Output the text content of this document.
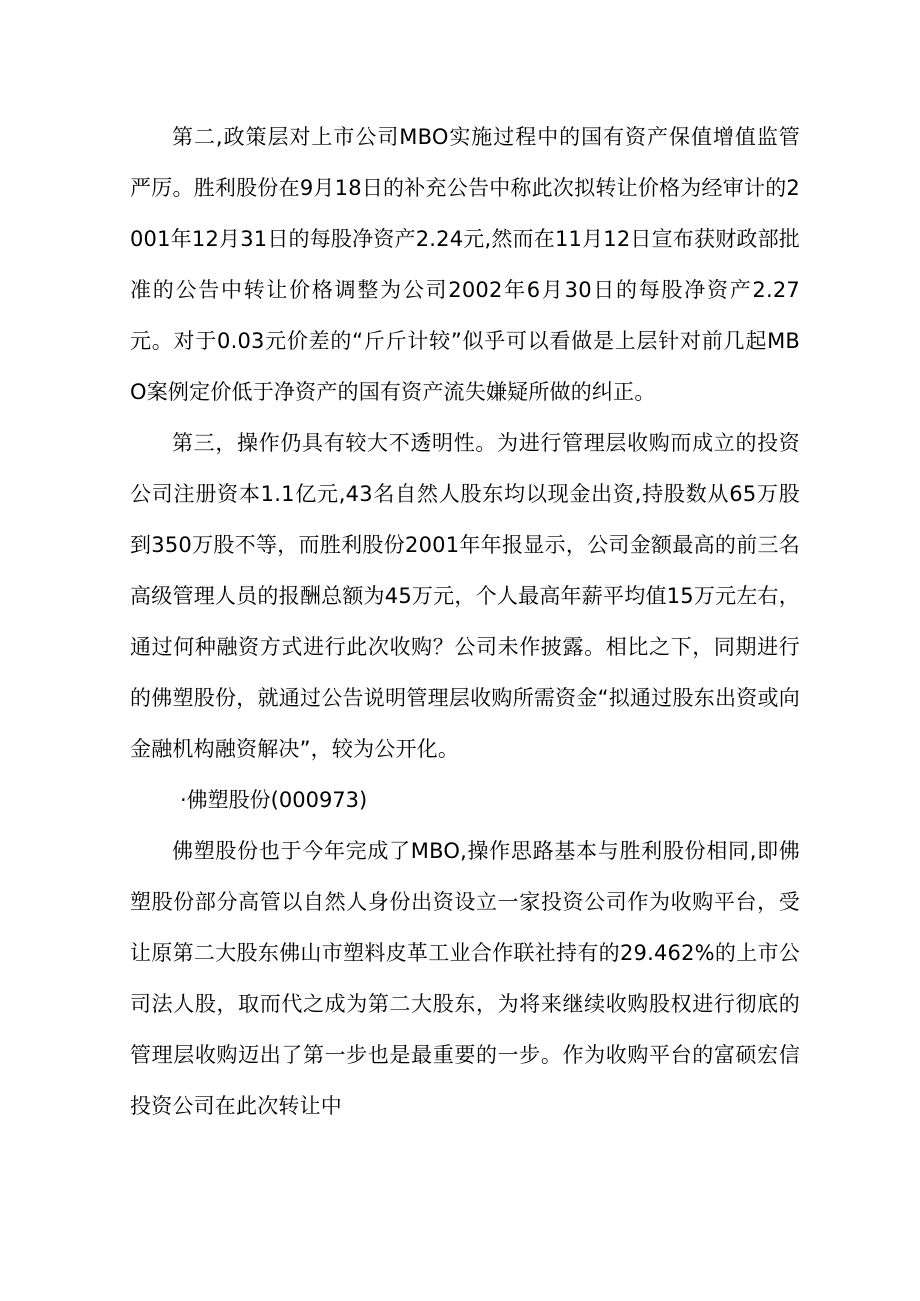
第二,政策层对上市公司MBO实施过程中的国有资产保值增值监管严厉。胜利股份在9月18日的补充公告中称此次拟转让价格为经审计的2001年12月31日的每股净资产2.24元,然而在11月12日宣布获财政部批准的公告中转让价格调整为公司2002年6月30日的每股净资产2.27元。对于0.03元价差的“斤斤计较”似乎可以看做是上层针对前几起MBO案例定价低于净资产的国有资产流失嫌疑所做的纠正。

第三，操作仍具有较大不透明性。为进行管理层收购而成立的投资公司注册资本1.1亿元,43名自然人股东均以现金出资,持股数从65万股到350万股不等，而胜利股份2001年年报显示，公司金额最高的前三名高级管理人员的报酬总额为45万元，个人最高年薪平均值15万元左右，通过何种融资方式进行此次收购？公司未作披露。相比之下，同期进行的佛塑股份，就通过公告说明管理层收购所需资金“拟通过股东出资或向金融机构融资解决”，较为公开化。

·佛塑股份(000973)

佛塑股份也于今年完成了MBO,操作思路基本与胜利股份相同,即佛塑股份部分高管以自然人身份出资设立一家投资公司作为收购平台，受让原第二大股东佛山市塑料皮革工业合作联社持有的29.462%的上市公司法人股，取而代之成为第二大股东，为将来继续收购股权进行彻底的管理层收购迈出了第一步也是最重要的一步。作为收购平台的富硕宏信投资公司在此次转让中
